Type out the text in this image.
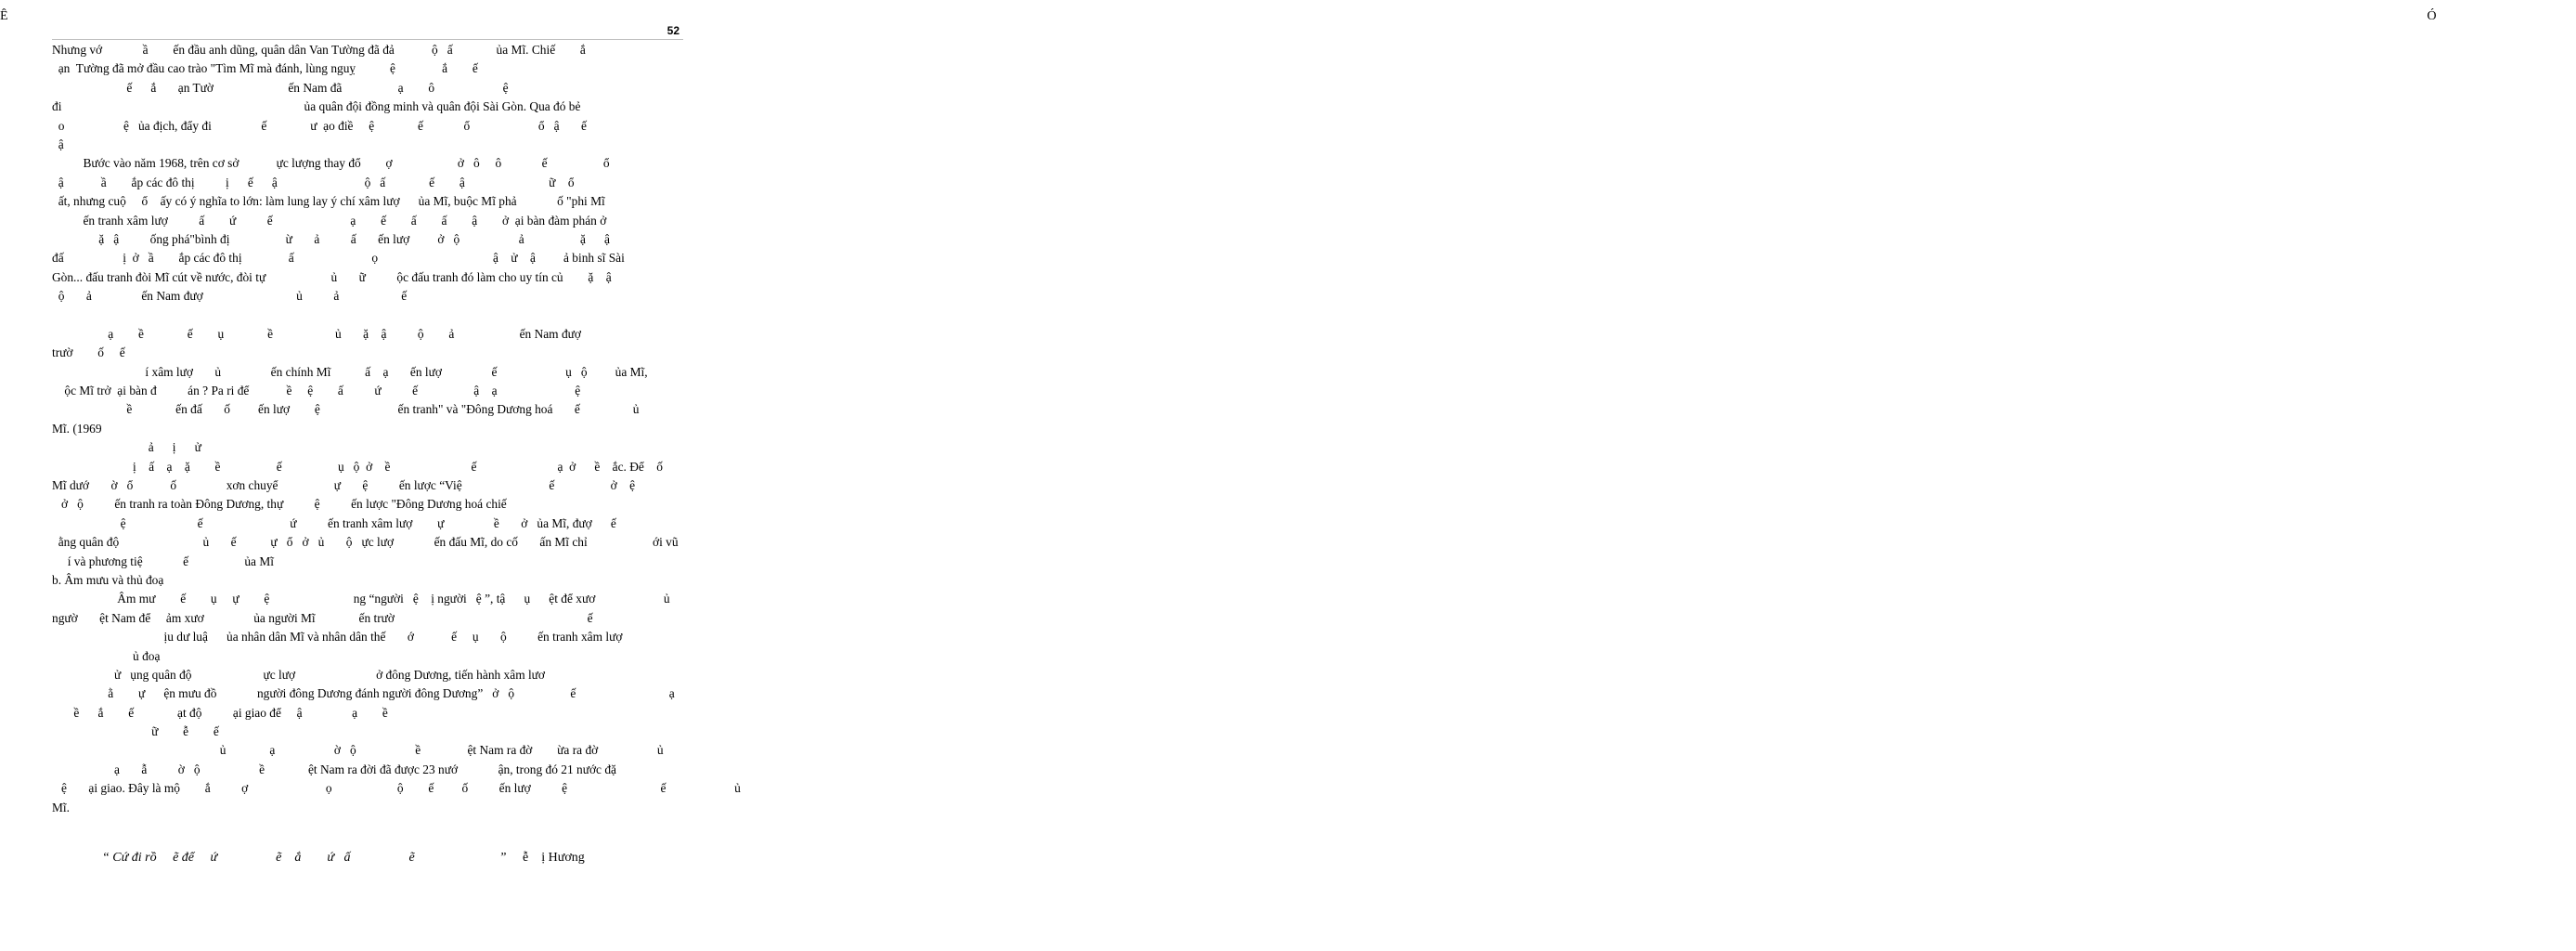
Ê                Ó
52
Nhưng vớ             ầ        ến đầu anh dũng, quân dân Van Tường đã đả            ộ   ấ              ủa Mĩ. Chiế        ắ
ạn  Tường đã mở đầu cao trào "Tìm Mĩ mà đánh, lùng nguỵ           ệ               ắ        ế
ế      ắ       ạn Tườ                        ến Nam đã                  ạ        ô                      ệ
đi                                                                              ủa quân đội đồng minh và quân đội Sài Gòn. Qua đó bẻ
o                   ệ   ủa địch, đẩy đi                ế              ư  ạo điề     ệ              ế             ổ                      ổ   ậ       ế
ậ
Bước vào năm 1968, trên cơ sở            ực lượng thay đổ        ợ                     ở   ô     ô             ế                  ổ
ậ            ầ        ắp các đô thị          ị      ế      ậ                            ộ   ấ              ế        ậ                           ữ    ổ
ất, nhưng cuộ     ổ    ấy có ý nghĩa to lớn: làm lung lay ý chí xâm lượ      ủa Mĩ, buộc Mĩ phả             ố "phi Mĩ
ến tranh xâm lượ          ấ        ứ          ế                         ạ        ế        ấ        ấ        ậ        ở  ại bàn đàm phán ở
ặ   ậ          ống phá"bình đị                  ừ       ả          ấ       ến lượ         ở   ộ                   ả                  ặ      ậ
đấ                   ị  ở   ầ        ắp các đô thị               ấ                         ọ                                     ậ    ử    ậ         ả binh sĩ Sài
Gòn... đấu tranh đòi Mĩ cút về nước, đòi tự                     ủ       ữ          ộc đấu tranh đó làm cho uy tín củ        ặ    ậ
ộ       ả                ến Nam đượ                              ủ          ả                    ế
ạ        ề              ế        ụ              ề                    ủ       ặ    ậ          ộ        ả                     ến Nam đượ
trườ        ố     ế
í xâm lượ       ủ                ến chính Mĩ           ấ    ạ       ến lượ                ế                      ụ   ộ         ủa Mĩ,
ộc Mĩ trở  ại bàn đ          án ? Pa ri để            ề     ệ        ấ          ứ          ế                  ậ    ạ                         ệ
ề              ến đấ       ố         ến lượ        ệ                         ến tranh" và "Đông Dương hoá       ế                 ủ
Mĩ. (1969
ả      ị      ử
ị    ấ    ạ    ặ        ề                  ế                  ụ   ộ  ở    ề                          ế                          ạ  ở      ề    ắc. Để    ố
Mĩ dướ       ờ   ổ            ố                xơn chuyể                  ự       ệ          ến lược “Việ                            ế                  ở    ệ
ở   ộ          ến tranh ra toàn Đông Dương, thự          ệ          ến lược "Đông Dương hoá chiế
ệ                       ế                            ứ          ến tranh xâm lượ        ự                ề       ở   ủa Mĩ, đượ      ế
ằng quân độ                           ủ       ế           ự   ổ   ở   ủ       ộ   ực lượ             ến đấu Mĩ, do cố       ấn Mĩ chỉ                     ới vũ
í và phương tiệ             ế                  ủa Mĩ
b. Âm mưu và thủ đoạ
Âm mư        ế        ụ     ự        ệ                           ng “người   ệ    ị người   ệ ”, tậ      ụ      ệt để xươ                      ủ
ngườ       ệt Nam để     ảm xươ                ủa người Mĩ              ến trườ                                                              ế
ịu dư luậ      ủa nhân dân Mĩ và nhân dân thế       ớ            ế     ụ       ộ          ến tranh xâm lượ
ủ đoạ
ử   ụng quân độ                       ực lượ                          ở đông Dương, tiến hành xâm lươ
ằ        ự      ện mưu đồ             người đông Dương đánh người đông Dương”   ở   ộ                  ế                              ạ
ề      ắ        ế              ạt độ          ại giao để     ậ                ạ        ề
ữ        ễ        ế
ủ              ạ                   ờ   ộ                   ề               ệt Nam ra đờ        ừa ra đờ                   ủ
ạ       ẫ          ờ   ộ                   ề              ệt Nam ra đời đã được 23 nướ             ận, trong đó 21 nước đặ
ệ       ại giao. Đây là mộ        ắ          ợ                         ọ                     ộ        ế         ố          ến lượ          ệ                              ế                      ủ
Mĩ.

“ Cứ đi rồ     ẽ để     ứ                  ẽ    ắ        ứ   ấ                  ẽ                          ”     ễ    ị Hương
